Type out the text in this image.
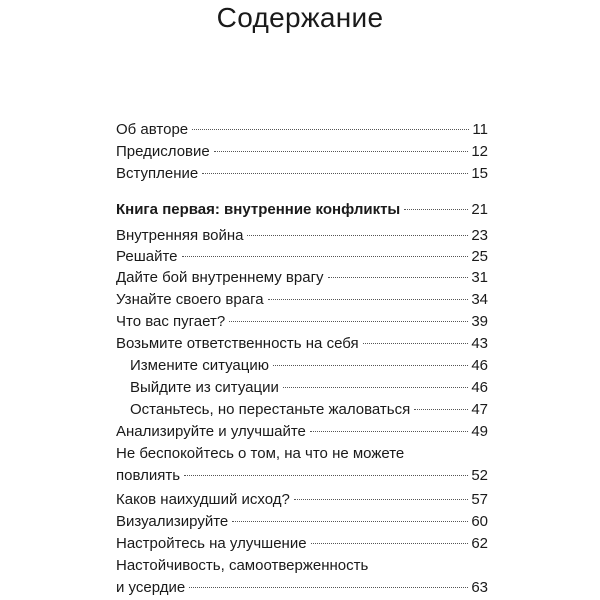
Содержание
Об авторе	11
Предисловие	12
Вступление	15
Книга первая: внутренние конфликты	21
Внутренняя война	23
Решайте	25
Дайте бой внутреннему врагу	31
Узнайте своего врага	34
Что вас пугает?	39
Возьмите ответственность на себя	43
Измените ситуацию	46
Выйдите из ситуации	46
Останьтесь, но перестаньте жаловаться	47
Анализируйте и улучшайте	49
Не беспокойтесь о том, на что не можете
повлиять	52
Каков наихудший исход?	57
Визуализируйте	60
Настройтесь на улучшение	62
Настойчивость, самоотверженность
и усердие	63
